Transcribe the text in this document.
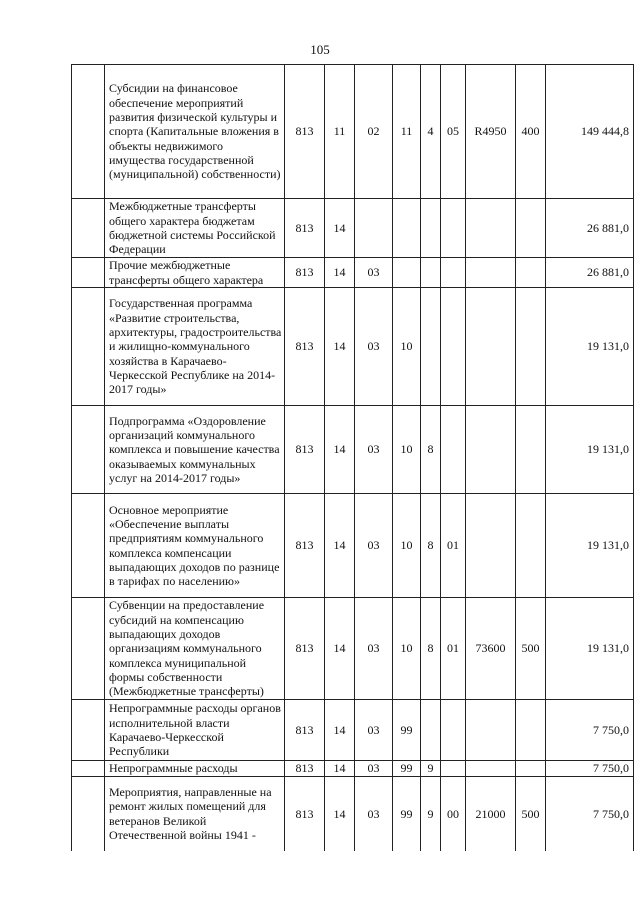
105
	Субсидии на финансовое обеспечение мероприятий развития физической культуры и спорта (Капитальные вложения в объекты недвижимого имущества государственной (муниципальной) собственности)	813	11	02	11	4	05	R4950	400	149 444,8
	Межбюджетные трансферты общего характера бюджетам бюджетной системы Российской Федерации	813	14							26 881,0
	Прочие межбюджетные трансферты общего характера	813	14	03						26 881,0
	Государственная программа «Развитие строительства, архитектуры, градостроительства и жилищно-коммунального хозяйства в Карачаево-Черкесской Республике на 2014-2017 годы»	813	14	03	10					19 131,0
	Подпрограмма «Оздоровление организаций коммунального комплекса и повышение качества оказываемых коммунальных услуг на 2014-2017 годы»	813	14	03	10	8				19 131,0
	Основное мероприятие «Обеспечение выплаты предприятиям коммунального комплекса компенсации выпадающих доходов по разнице в тарифах по населению»	813	14	03	10	8	01			19 131,0
	Субвенции на предоставление субсидий на компенсацию выпадающих доходов организациям коммунального комплекса муниципальной формы собственности (Межбюджетные трансферты)	813	14	03	10	8	01	73600	500	19 131,0
	Непрограммные расходы органов исполнительной власти Карачаево-Черкесской Республики	813	14	03	99					7 750,0
	Непрограммные расходы	813	14	03	99	9				7 750,0
	Мероприятия, направленные на ремонт жилых помещений для ветеранов Великой Отечественной войны 1941 -	813	14	03	99	9	00	21000	500	7 750,0
